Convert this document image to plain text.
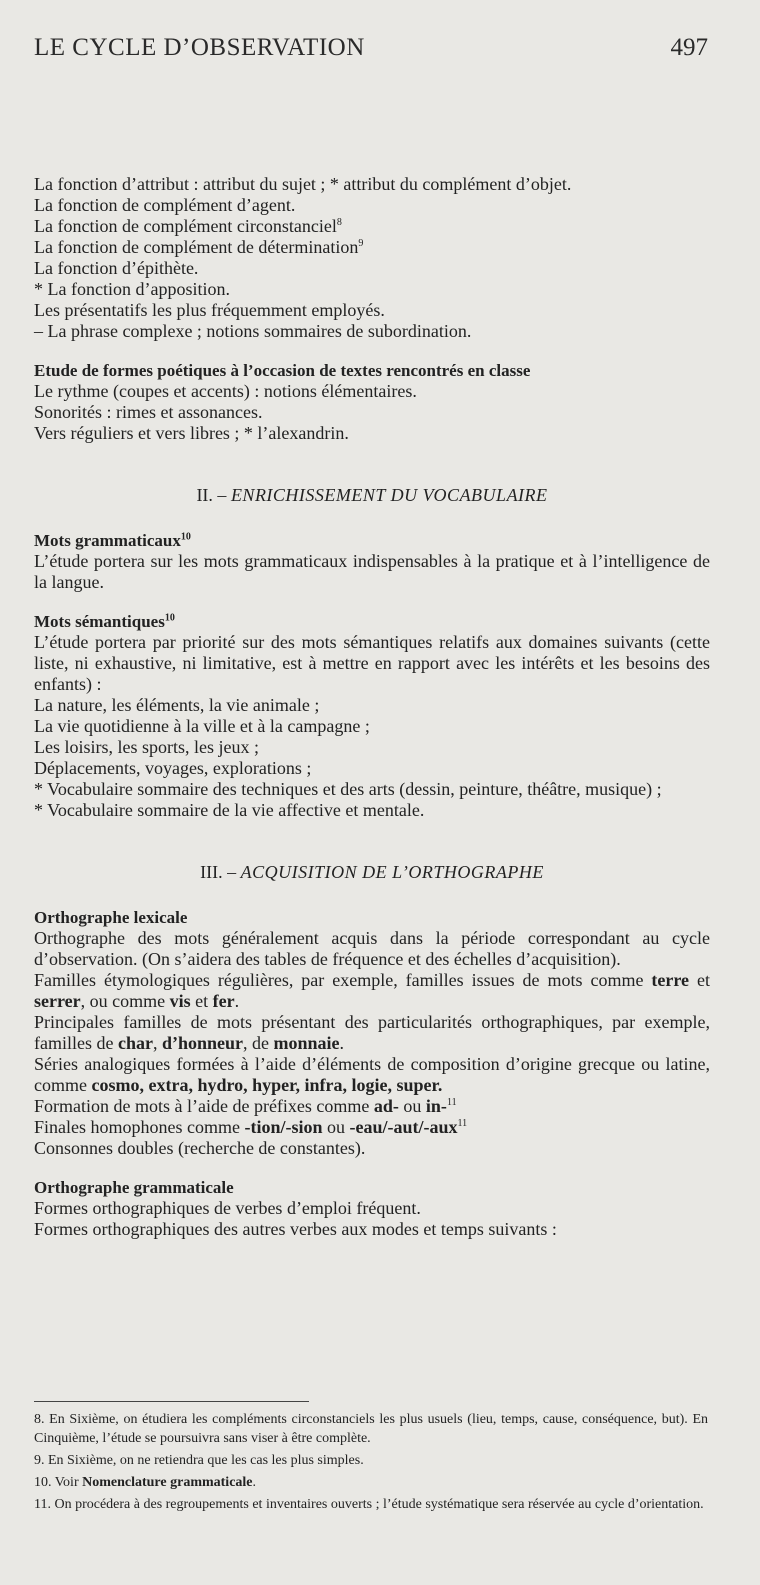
LE CYCLE D’OBSERVATION	497

La fonction d’attribut : attribut du sujet ; * attribut du complément d’objet.

La fonction de complément d’agent.

La fonction de complément circonstanciel$^8$

La fonction de complément de détermination$^9$

La fonction d’épithète.

* La fonction d’apposition.

Les présentatifs les plus fréquemment employés.

– La phrase complexe ; notions sommaires de subordination.

Etude de formes poétiques à l’occasion de textes rencontrés en classe

Le rythme (coupes et accents) : notions élémentaires.

Sonorités : rimes et assonances.

Vers réguliers et vers libres ; * l’alexandrin.

II. – ENRICHISSEMENT DU VOCABULAIRE

Mots grammaticaux$^{10}$

L’étude portera sur les mots grammaticaux indispensables à la pratique et à l’intelligence de la langue.

Mots sémantiques$^{10}$

L’étude portera par priorité sur des mots sémantiques relatifs aux domaines suivants (cette liste, ni exhaustive, ni limitative, est à mettre en rapport avec les intérêts et les besoins des enfants) :

La nature, les éléments, la vie animale ;

La vie quotidienne à la ville et à la campagne ;

Les loisirs, les sports, les jeux ;

Déplacements, voyages, explorations ;

* Vocabulaire sommaire des techniques et des arts (dessin, peinture, théâtre, musique) ;

* Vocabulaire sommaire de la vie affective et mentale.

III. – ACQUISITION DE L’ORTHOGRAPHE

Orthographe lexicale

Orthographe des mots généralement acquis dans la période correspondant au cycle d’observation. (On s’aidera des tables de fréquence et des échelles d’acquisition).

Familles étymologiques régulières, par exemple, familles issues de mots comme terre et serrer, ou comme vis et fer.

Principales familles de mots présentant des particularités orthographiques, par exemple, familles de char, d’honneur, de monnaie.

Séries analogiques formées à l’aide d’éléments de composition d’origine grecque ou latine, comme cosmo, extra, hydro, hyper, infra, logie, super.

Formation de mots à l’aide de préfixes comme ad- ou in-$^{11}$

Finales homophones comme -tion/-sion ou -eau/-aut/-aux$^{11}$

Consonnes doubles (recherche de constantes).

Orthographe grammaticale

Formes orthographiques de verbes d’emploi fréquent.

Formes orthographiques des autres verbes aux modes et temps suivants :

8. En Sixième, on étudiera les compléments circonstanciels les plus usuels (lieu, temps, cause, conséquence, but). En Cinquième, l’étude se poursuivra sans viser à être complète.

9. En Sixième, on ne retiendra que les cas les plus simples.

10. Voir Nomenclature grammaticale.

11. On procédera à des regroupements et inventaires ouverts ; l’étude systématique sera réservée au cycle d’orientation.
